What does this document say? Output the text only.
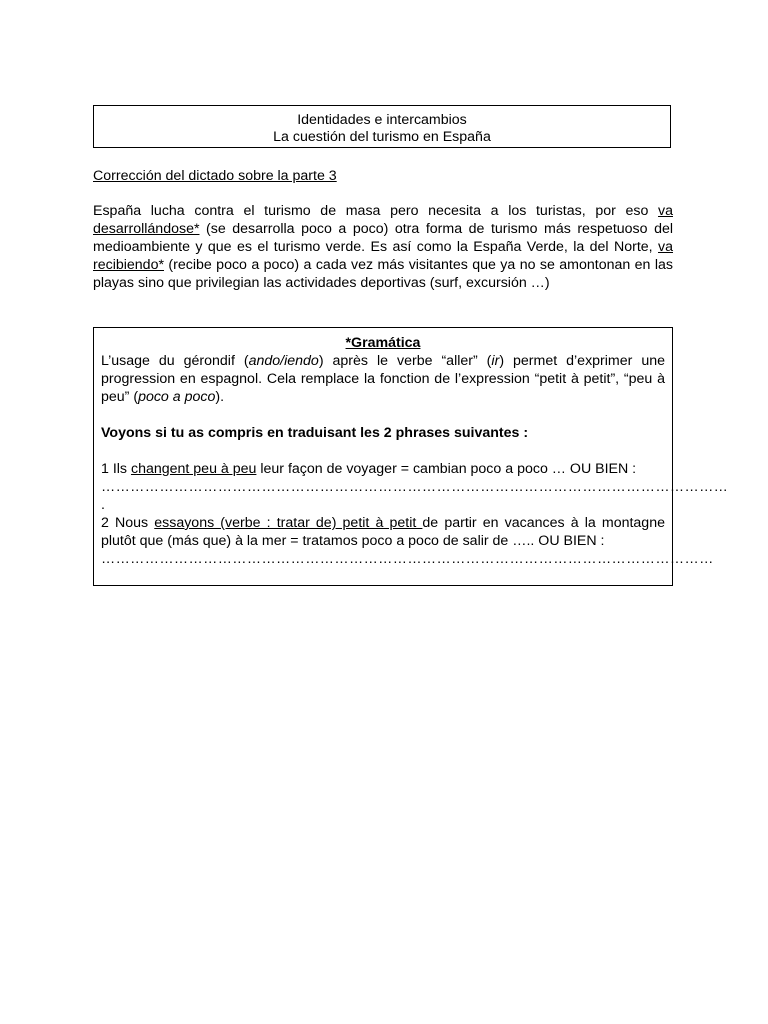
Identidades e intercambios
La cuestión del turismo en España
Corrección del dictado sobre la parte 3

España lucha contra el turismo de masa pero necesita a los turistas, por eso va desarrollándose* (se desarrolla poco a poco) otra forma de turismo más respetuoso del medioambiente y que es el turismo verde. Es así como la España Verde, la del Norte, va recibiendo* (recibe poco a poco) a cada vez más visitantes que ya no se amontonan en las playas sino que privilegian las actividades deportivas (surf, excursión …)

*Gramática

L’usage du gérondif (ando/iendo) après le verbe “aller” (ir) permet d’exprimer une progression en espagnol. Cela remplace la fonction de l’expression “petit à petit”, “peu à peu” (poco a poco).

Voyons si tu as compris en traduisant les 2 phrases suivantes :
1 Ils changent peu à peu leur façon de voyager = cambian poco a poco … OU BIEN :
…………………………………………………………………………………………………………………
.

2 Nous essayons (verbe : tratar de) petit à petit de partir en vacances à la montagne plutôt que (más que) à la mer = tratamos poco a poco de salir de ….. OU BIEN :

………………………………………………………………………………………………………………
